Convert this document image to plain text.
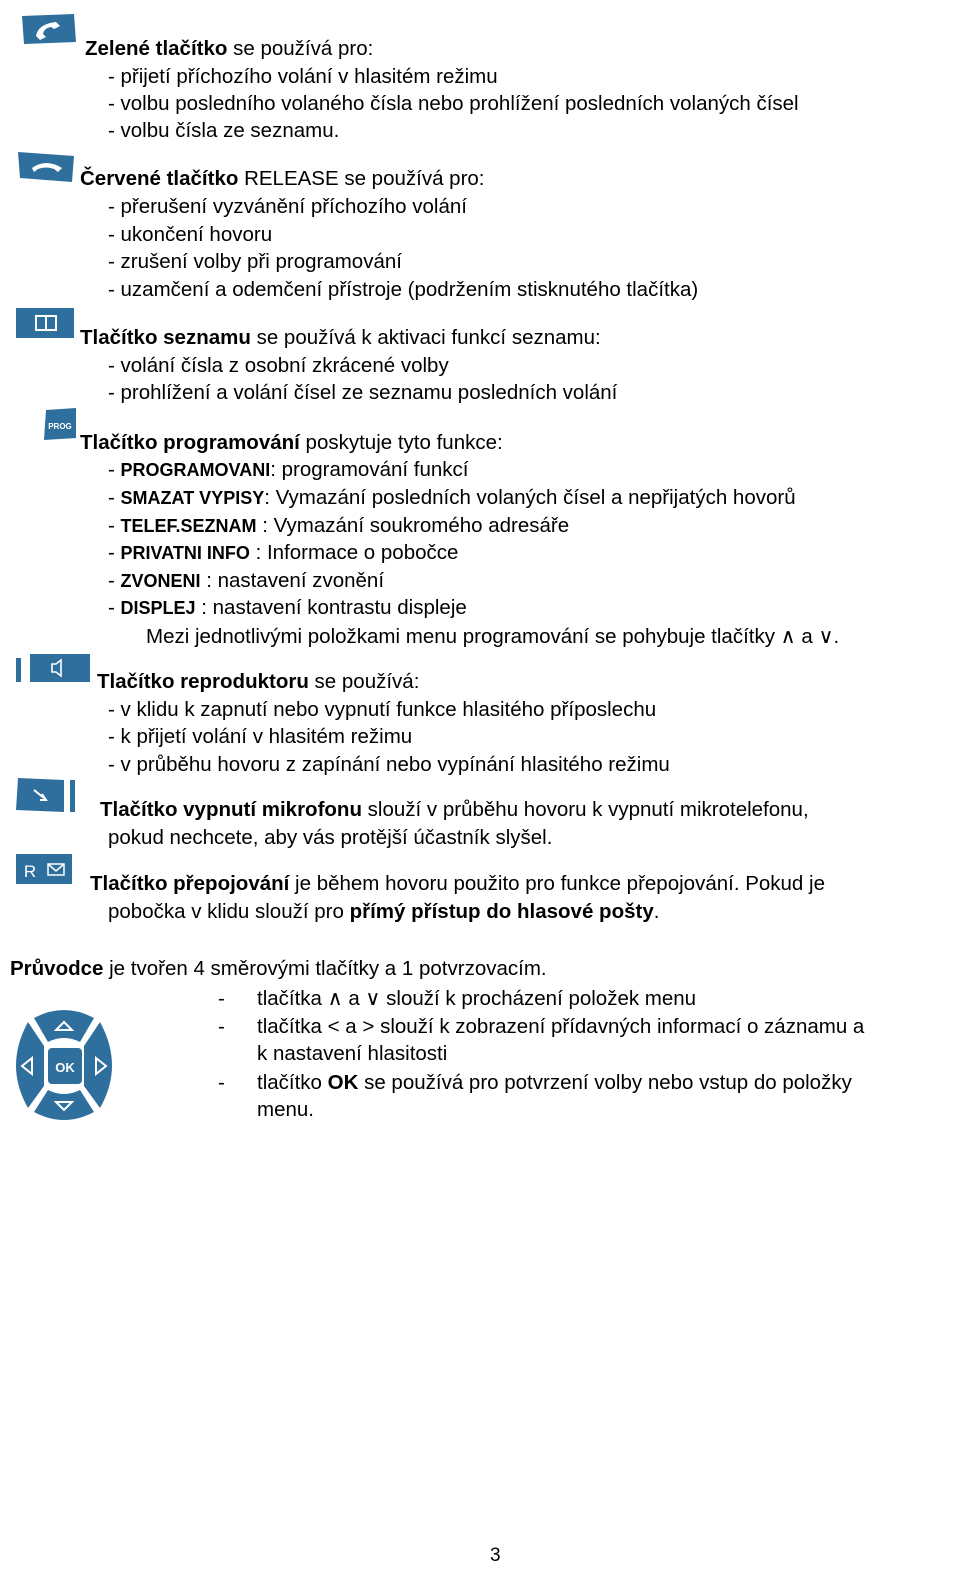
Zelené tlačítko se používá pro:
- přijetí příchozího volání v hlasitém režimu
- volbu posledního volaného čísla nebo prohlížení posledních volaných čísel
- volbu čísla ze seznamu.
Červené tlačítko RELEASE se používá pro:
- přerušení vyzvánění příchozího volání
- ukončení hovoru
- zrušení volby při programování
- uzamčení a odemčení přístroje (podržením stisknutého tlačítka)
Tlačítko seznamu se používá k aktivaci funkcí seznamu:
- volání čísla z osobní zkrácené volby
- prohlížení a volání čísel ze seznamu posledních volání
PROG
Tlačítko programování poskytuje tyto funkce:
- PROGRAMOVANI: programování funkcí
- SMAZAT VYPISY: Vymazání posledních volaných čísel a nepřijatých hovorů
- TELEF.SEZNAM : Vymazání soukromého adresáře
- PRIVATNI INFO : Informace o pobočce
- ZVONENI : nastavení zvonění
- DISPLEJ : nastavení kontrastu displeje
Mezi jednotlivými položkami menu programování se pohybuje tlačítky ∧ a ∨.
Tlačítko reproduktoru se používá:
- v klidu k zapnutí nebo vypnutí funkce hlasitého příposlechu
- k přijetí volání v hlasitém režimu
- v průběhu hovoru z zapínání nebo vypínání hlasitého režimu
Tlačítko vypnutí mikrofonu slouží v průběhu hovoru k vypnutí mikrotelefonu,
pokud nechcete, aby vás protější účastník slyšel.
R
Tlačítko přepojování je během hovoru použito pro funkce přepojování. Pokud je
pobočka v klidu slouží pro přímý přístup do hlasové pošty.
Průvodce je tvořen 4 směrovými tlačítky a 1 potvrzovacím.
OK
- tlačítka ∧ a ∨ slouží k procházení položek menu
- tlačítka < a > slouží k zobrazení přídavných informací o záznamu a
k nastavení hlasitosti
- tlačítko OK se používá pro potvrzení volby nebo vstup do položky
menu.
3
